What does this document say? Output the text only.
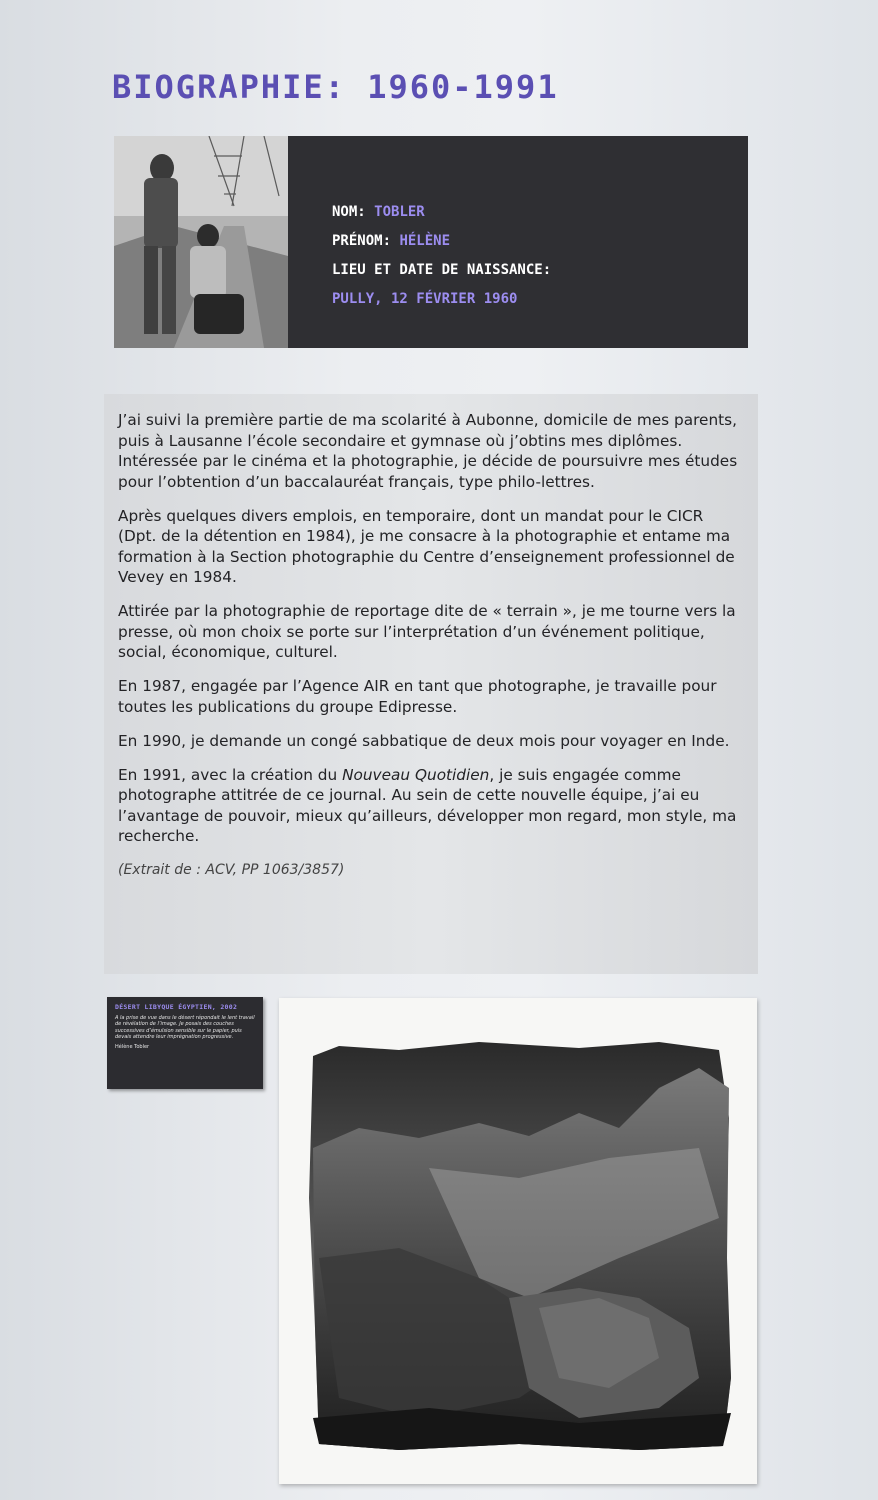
BIOGRAPHIE: 1960-1991
NOM: TOBLER
PRÉNOM: HÉLÈNE
LIEU ET DATE DE NAISSANCE:
PULLY, 12 FÉVRIER 1960

J’ai suivi la première partie de ma scolarité à Aubonne, domicile de mes parents, puis à Lausanne l’école secondaire et gymnase où j’obtins mes diplômes. Intéressée par le cinéma et la photographie, je décide de poursuivre mes études pour l’obtention d’un baccalauréat français, type philo-lettres.

Après quelques divers emplois, en temporaire, dont un mandat pour le CICR (Dpt. de la détention en 1984), je me consacre à la photographie et entame ma formation à la Section photographie du Centre d’enseignement professionnel de Vevey en 1984.

Attirée par la photographie de reportage dite de « terrain », je me tourne vers la presse, où mon choix se porte sur l’interprétation d’un événement politique, social, économique, culturel.

En 1987, engagée par l’Agence AIR en tant que photographe, je travaille pour toutes les publications du groupe Edipresse.

En 1990, je demande un congé sabbatique de deux mois pour voyager en Inde.

En 1991, avec la création du Nouveau Quotidien, je suis engagée comme photographe attitrée de ce journal. Au sein de cette nouvelle équipe, j’ai eu l’avantage de pouvoir, mieux qu’ailleurs, développer mon regard, mon style, ma recherche.

(Extrait de : ACV, PP 1063/3857)

DÉSERT LIBYQUE ÉGYPTIEN, 2002
A la prise de vue dans le désert répondait le lent travail de révélation de l’image. Je posais des couches successives d’émulsion sensible sur le papier, puis devais attendre leur imprégnation progressive.
Hélène Tobler
